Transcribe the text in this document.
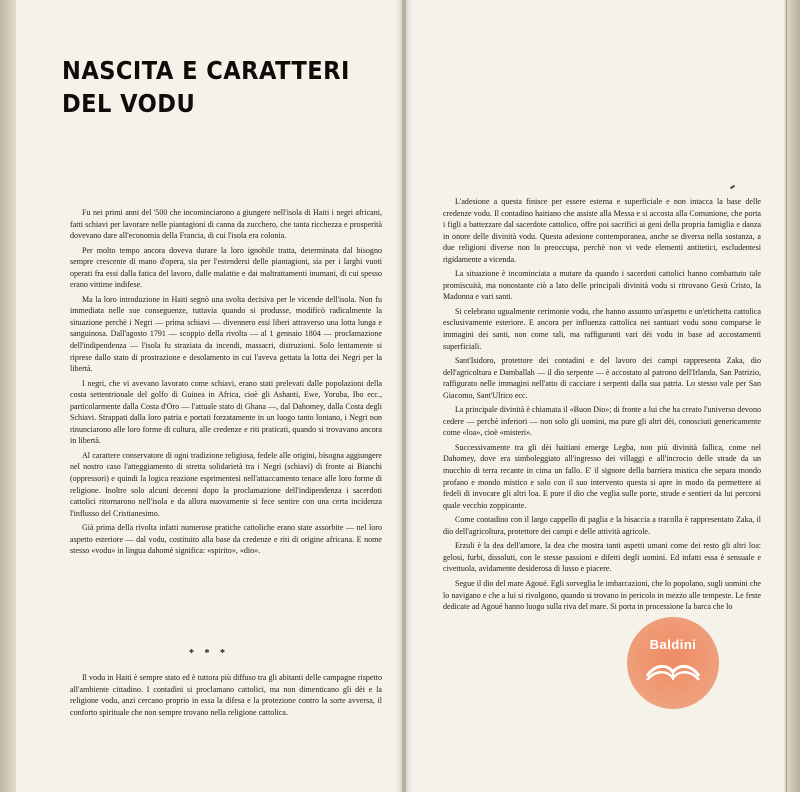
NASCITA E CARATTERI
DEL VODU

Fu nei primi anni del '500 che incominciarono a giungere nell'isola di Haiti i negri africani, fatti schiavi per lavorare nelle piantagioni di canna da zucchero, che tanta ricchezza e prosperità dovevano dare all'economia della Francia, di cui l'isola era colonia.

Per molto tempo ancora doveva durare la loro ignobile tratta, determinata dal bisogno sempre crescente di mano d'opera, sia per l'estendersi delle piantagioni, sia per i larghi vuoti operati fra essi dalla fatica del lavoro, dalle malattie e dai maltrattamenti inumani, di cui spesso erano vittime indifese.

Ma la loro introduzione in Haiti segnò una svolta decisiva per le vicende dell'isola. Non fu immediata nelle sue conseguenze, tuttavia quando si produsse, modificò radicalmente la situazione perchè i Negri — prima schiavi — divennero essi liberi attraverso una lotta lunga e sanguinosa. Dall'agosto 1791 — scoppio della rivolta — al 1 gennaio 1804 — proclamazione dell'indipendenza — l'isola fu straziata da incendi, massacri, distruzioni. Solo lentamente si riprese dallo stato di prostrazione e desolamento in cui l'aveva gettata la lotta dei Negri per la libertà.

I negri, che vi avevano lavorato come schiavi, erano stati prelevati dalle popolazioni della costa settentrionale del golfo di Guinea in Africa, cioè gli Ashanti, Ewe, Yoruba, Ibo ecc., particolarmente dalla Costa d'Oro — l'attuale stato di Ghana —, dal Dahomey, dalla Costa degli Schiavi. Strappati dalla loro patria e portati forzatamente in un luogo tanto lontano, i Negri non rinunciarono alle loro forme di cultura, alle credenze e riti praticati, quando si trovavano ancora in libertà.

Al carattere conservatore di ogni tradizione religiosa, fedele alle origini, bisogna aggiungere nel nostro caso l'atteggiamento di stretta solidarietà tra i Negri (schiavi) di fronte ai Bianchi (oppressori) e quindi la logica reazione esprimentesi nell'attaccamento tenace alle loro forme di religione. Inoltre solo alcuni decenni dopo la proclamazione dell'indipendenza i sacerdoti cattolici ritornarono nell'isola e da allora nuovamente si fece sentire con una certa incidenza l'influsso del Cristianesimo.

Già prima della rivolta infatti numerose pratiche cattoliche erano state assorbite — nel loro aspetto esteriore — dal vodu, costituito alla base da credenze e riti di origine africana. E nome stesso «vodu» in lingua dahomè significa: «spirito», «dio».

* * *

Il vodu in Haiti è sempre stato ed è tuttora più diffuso tra gli abitanti delle campagne rispetto all'ambiente cittadino. I contadini si proclamano cattolici, ma non dimenticano gli dèi e la religione vodu, anzi cercano proprio in essa la difesa e la protezione contro la sorte avversa, il conforto spirituale che non sempre trovano nella religione cattolica.

L'adesione a questa finisce per essere esterna e superficiale e non intacca la base delle credenze vodu. Il contadino haitiano che assiste alla Messa e si accosta alla Comunione, che porta i figli a battezzare dal sacerdote cattolico, offre poi sacrifici ai geni della propria famiglia e danza in onore delle divinità vodu. Questa adesione contemporanea, anche se diversa nella sostanza, a due religioni diverse non lo preoccupa, perchè non vi vede elementi antitetici, escludentesi rigidamente a vicenda.

La situazione è incominciata a mutare da quando i sacerdoti cattolici hanno combattuto tale promiscuità, ma nonostante ciò a lato delle principali divinità vodu si ritrovano Gesù Cristo, la Madonna e vari santi.

Si celebrano ugualmente cerimonie vodu, che hanno assunto un'aspetto e un'etichetta cattolica esclusivamente esteriore. E ancora per influenza cattolica nei santuari vodu sono comparse le immagini dei santi, non come tali, ma raffiguranti vari dèi vodu in base ad accostamenti superficiali.

Sant'Isidoro, protettore dei contadini e del lavoro dei campi rappresenta Zaka, dio dell'agricoltura e Damballah — il dio serpente — è accostato al patrono dell'Irlanda, San Patrizio, raffigurato nelle immagini nell'atto di cacciare i serpenti dalla sua patria. Lo stesso vale per San Giacomo, Sant'Ulrico ecc.

La principale divinità è chiamata il «Buon Dio»; di fronte a lui che ha creato l'universo devono cedere — perchè inferiori — non solo gli uomini, ma pure gli altri dèi, conosciuti genericamente come «loa», cioè «misteri».

Successivamente tra gli dèi haitiani emerge Legba, non più divinità fallica, come nel Dahomey, dove era simboleggiato all'ingresso dei villaggi e all'incrocio delle strade da un mucchio di terra recante in cima un fallo. E' il signore della barriera mistica che separa mondo profano e mondo mistico e solo con il suo intervento questa si apre in modo da permettere ai fedeli di invocare gli altri loa. E pure il dio che veglia sulle porte, strade e sentieri da lui percorsi quale vecchio zoppicante.

Come contadino con il largo cappello di paglia e la bisaccia a tracolla è rappresentato Zaka, il dio dell'agricoltura, protettore dei campi e delle attività agricole.

Erzuli è la dea dell'amore, la dea che mostra tanti aspetti umani come dei resto gli altri loa: gelosi, furbi, dissoluti, con le stesse passioni e difetti degli uomini. Ed infatti essa è sensuale e civettuola, avidamente desiderosa di lusso e piacere.

Segue il dio del mare Agoué. Egli sorveglia le imbarcazioni, che lo popolano, sugli uomini che lo navigano e che a lui si rivolgono, quando si trovano in pericolo in mezzo alle tempeste. Le feste dedicate ad Agoué hanno luogo sulla riva del mare. Si porta in processione la barca che lo

Baldini
